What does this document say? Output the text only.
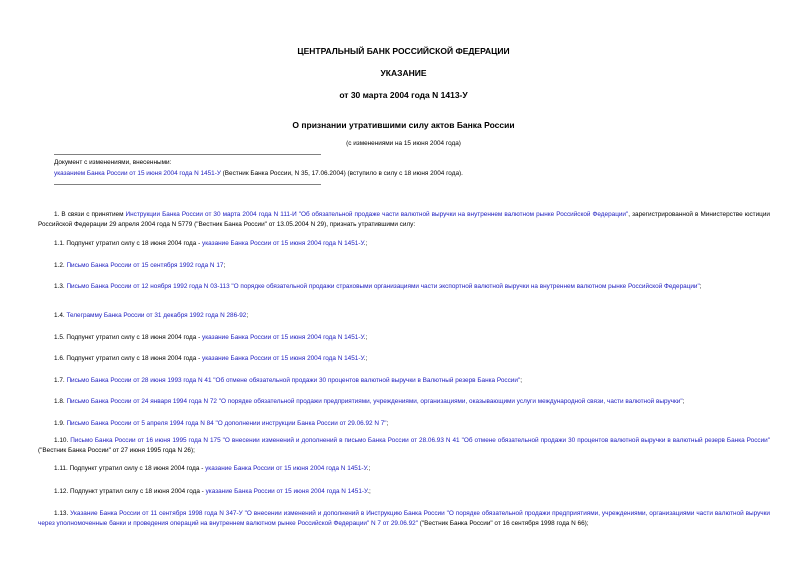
ЦЕНТРАЛЬНЫЙ БАНК РОССИЙСКОЙ ФЕДЕРАЦИИ
УКАЗАНИЕ
от 30 марта 2004 года N 1413-У
О признании утратившими силу актов Банка России
(с изменениями на 15 июня 2004 года)
Документ с изменениями, внесенными:
указанием Банка России от 15 июня 2004 года N 1451-У (Вестник Банка России, N 35, 17.06.2004) (вступило в силу с 18 июня 2004 года).
1. В связи с принятием Инструкции Банка России от 30 марта 2004 года N 111-И "Об обязательной продаже части валютной выручки на внутреннем валютном рынке Российской Федерации", зарегистрированной в Министерстве юстиции Российской Федерации 29 апреля 2004 года N 5779 ("Вестник Банка России" от 13.05.2004 N 29), признать утратившими силу:
1.1. Подпункт утратил силу с 18 июня 2004 года - указание Банка России от 15 июня 2004 года N 1451-У.;
1.2. Письмо Банка России от 15 сентября 1992 года N 17;
1.3. Письмо Банка России от 12 ноября 1992 года N 03-113 "О порядке обязательной продажи страховыми организациями части экспортной валютной выручки на внутреннем валютном рынке Российской Федерации";
1.4. Телеграмму Банка России от 31 декабря 1992 года N 286-92;
1.5. Подпункт утратил силу с 18 июня 2004 года - указание Банка России от 15 июня 2004 года N 1451-У.;
1.6. Подпункт утратил силу с 18 июня 2004 года - указание Банка России от 15 июня 2004 года N 1451-У.;
1.7. Письмо Банка России от 28 июня 1993 года N 41 "Об отмене обязательной продажи 30 процентов валютной выручки в Валютный резерв Банка России";
1.8. Письмо Банка России от 24 января 1994 года N 72 "О порядке обязательной продажи предприятиями, учреждениями, организациями, оказывающими услуги международной связи, части валютной выручки";
1.9. Письмо Банка России от 5 апреля 1994 года N 84 "О дополнении инструкции Банка России от 29.06.92 N 7";
1.10. Письмо Банка России от 16 июня 1995 года N 175 "О внесении изменений и дополнений в письмо Банка России от 28.06.93 N 41 "Об отмене обязательной продажи 30 процентов валютной выручки в валютный резерв Банка России" ("Вестник Банка России" от 27 июня 1995 года N 26);
1.11. Подпункт утратил силу с 18 июня 2004 года - указание Банка России от 15 июня 2004 года N 1451-У.;
1.12. Подпункт утратил силу с 18 июня 2004 года - указание Банка России от 15 июня 2004 года N 1451-У.;
1.13. Указание Банка России от 11 сентября 1998 года N 347-У "О внесении изменений и дополнений в Инструкцию Банка России "О порядке обязательной продажи предприятиями, учреждениями, организациями части валютной выручки через уполномоченные банки и проведения операций на внутреннем валютном рынке Российской Федерации" N 7 от 29.06.92" ("Вестник Банка России" от 16 сентября 1998 года N 66);
